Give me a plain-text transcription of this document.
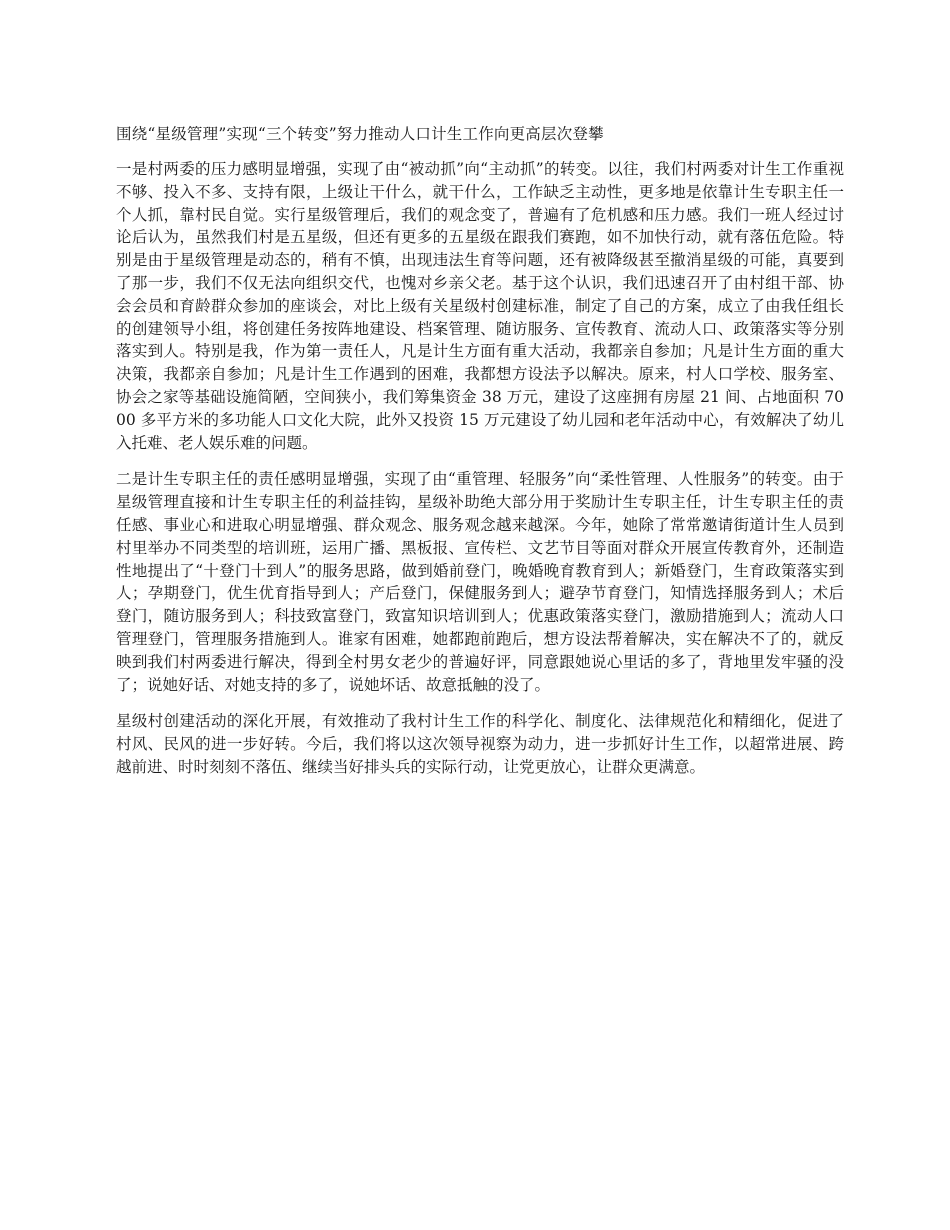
围绕“星级管理”实现“三个转变”努力推动人口计生工作向更高层次登攀

一是村两委的压力感明显增强，实现了由“被动抓”向“主动抓”的转变。以往，我们村两委对计生工作重视不够、投入不多、支持有限，上级让干什么，就干什么，工作缺乏主动性，更多地是依靠计生专职主任一个人抓，靠村民自觉。实行星级管理后，我们的观念变了，普遍有了危机感和压力感。我们一班人经过讨论后认为，虽然我们村是五星级，但还有更多的五星级在跟我们赛跑，如不加快行动，就有落伍危险。特别是由于星级管理是动态的，稍有不慎，出现违法生育等问题，还有被降级甚至撤消星级的可能，真要到了那一步，我们不仅无法向组织交代，也愧对乡亲父老。基于这个认识，我们迅速召开了由村组干部、协会会员和育龄群众参加的座谈会，对比上级有关星级村创建标准，制定了自己的方案，成立了由我任组长的创建领导小组，将创建任务按阵地建设、档案管理、随访服务、宣传教育、流动人口、政策落实等分别落实到人。特别是我，作为第一责任人，凡是计生方面有重大活动，我都亲自参加；凡是计生方面的重大决策，我都亲自参加；凡是计生工作遇到的困难，我都想方设法予以解决。原来，村人口学校、服务室、协会之家等基础设施简陋，空间狭小，我们筹集资金 38 万元，建设了这座拥有房屋 21 间、占地面积 7000 多平方米的多功能人口文化大院，此外又投资 15 万元建设了幼儿园和老年活动中心，有效解决了幼儿入托难、老人娱乐难的问题。

二是计生专职主任的责任感明显增强，实现了由“重管理、轻服务”向“柔性管理、人性服务”的转变。由于星级管理直接和计生专职主任的利益挂钩，星级补助绝大部分用于奖励计生专职主任，计生专职主任的责任感、事业心和进取心明显增强、群众观念、服务观念越来越深。今年，她除了常常邀请街道计生人员到村里举办不同类型的培训班，运用广播、黑板报、宣传栏、文艺节目等面对群众开展宣传教育外，还制造性地提出了“十登门十到人”的服务思路，做到婚前登门，晚婚晚育教育到人；新婚登门，生育政策落实到人；孕期登门，优生优育指导到人；产后登门，保健服务到人；避孕节育登门，知情选择服务到人；术后登门，随访服务到人；科技致富登门，致富知识培训到人；优惠政策落实登门，激励措施到人；流动人口管理登门，管理服务措施到人。谁家有困难，她都跑前跑后，想方设法帮着解决，实在解决不了的，就反映到我们村两委进行解决，得到全村男女老少的普遍好评，同意跟她说心里话的多了，背地里发牢骚的没了；说她好话、对她支持的多了，说她坏话、故意抵触的没了。

星级村创建活动的深化开展，有效推动了我村计生工作的科学化、制度化、法律规范化和精细化，促进了村风、民风的进一步好转。今后，我们将以这次领导视察为动力，进一步抓好计生工作，以超常进展、跨越前进、时时刻刻不落伍、继续当好排头兵的实际行动，让党更放心，让群众更满意。
